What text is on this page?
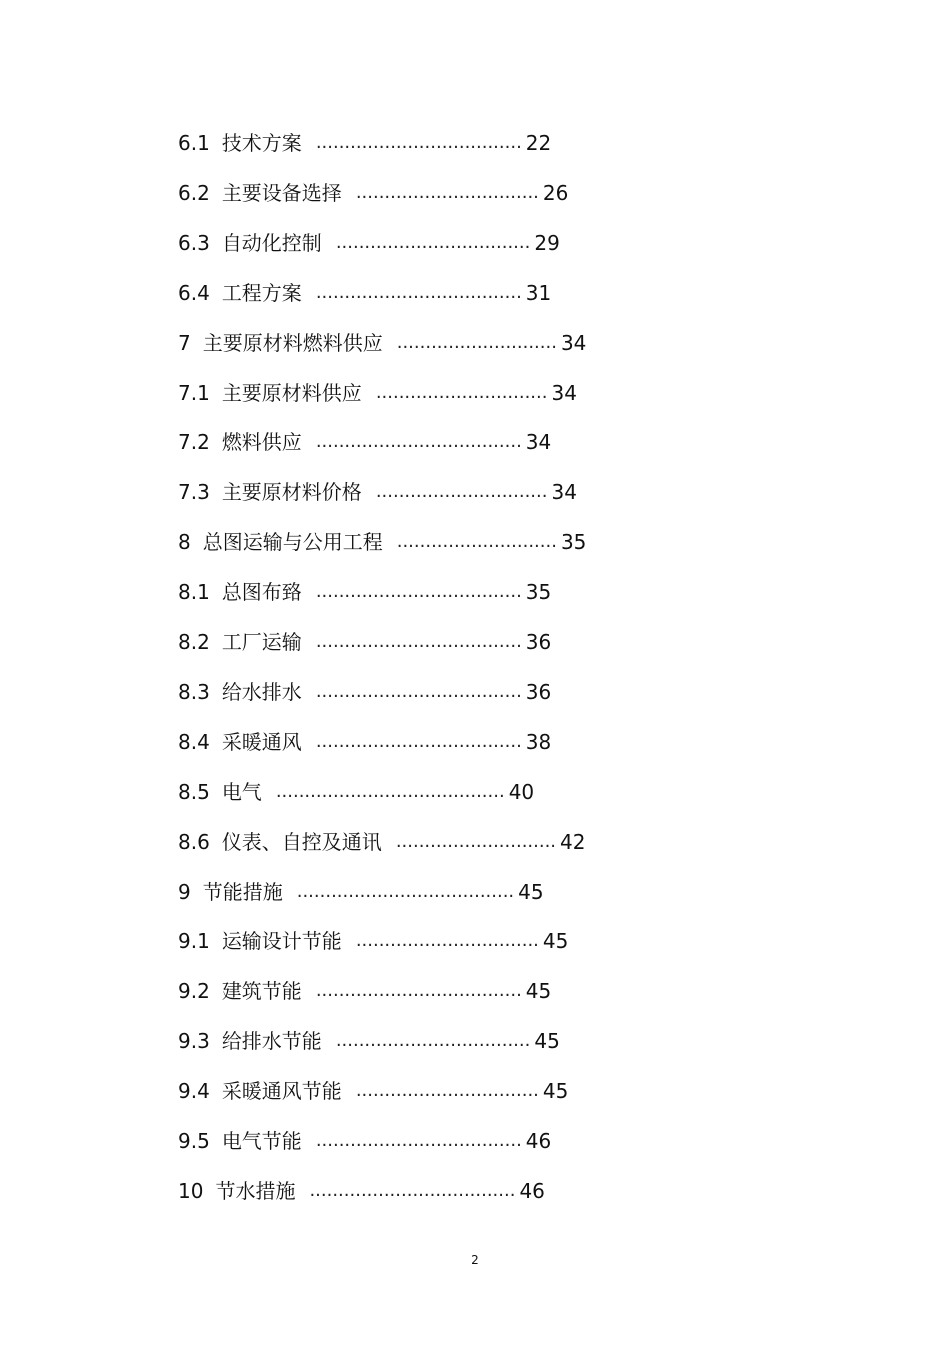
6.1 技术方案 .................................... 22
6.2 主要设备选择 ................................ 26
6.3 自动化控制 .................................. 29
6.4 工程方案 .................................... 31
7 主要原材料燃料供应 ............................ 34
7.1 主要原材料供应 .............................. 34
7.2 燃料供应 .................................... 34
7.3 主要原材料价格 .............................. 34
8 总图运输与公用工程 ............................ 35
8.1 总图布臵 .................................... 35
8.2 工厂运输 .................................... 36
8.3 给水排水 .................................... 36
8.4 采暖通风 .................................... 38
8.5 电气 ........................................ 40
8.6 仪表、自控及通讯 ............................ 42
9 节能措施 ...................................... 45
9.1 运输设计节能 ................................ 45
9.2 建筑节能 .................................... 45
9.3 给排水节能 .................................. 45
9.4 采暖通风节能 ................................ 45
9.5 电气节能 .................................... 46
10 节水措施 .................................... 46
2
